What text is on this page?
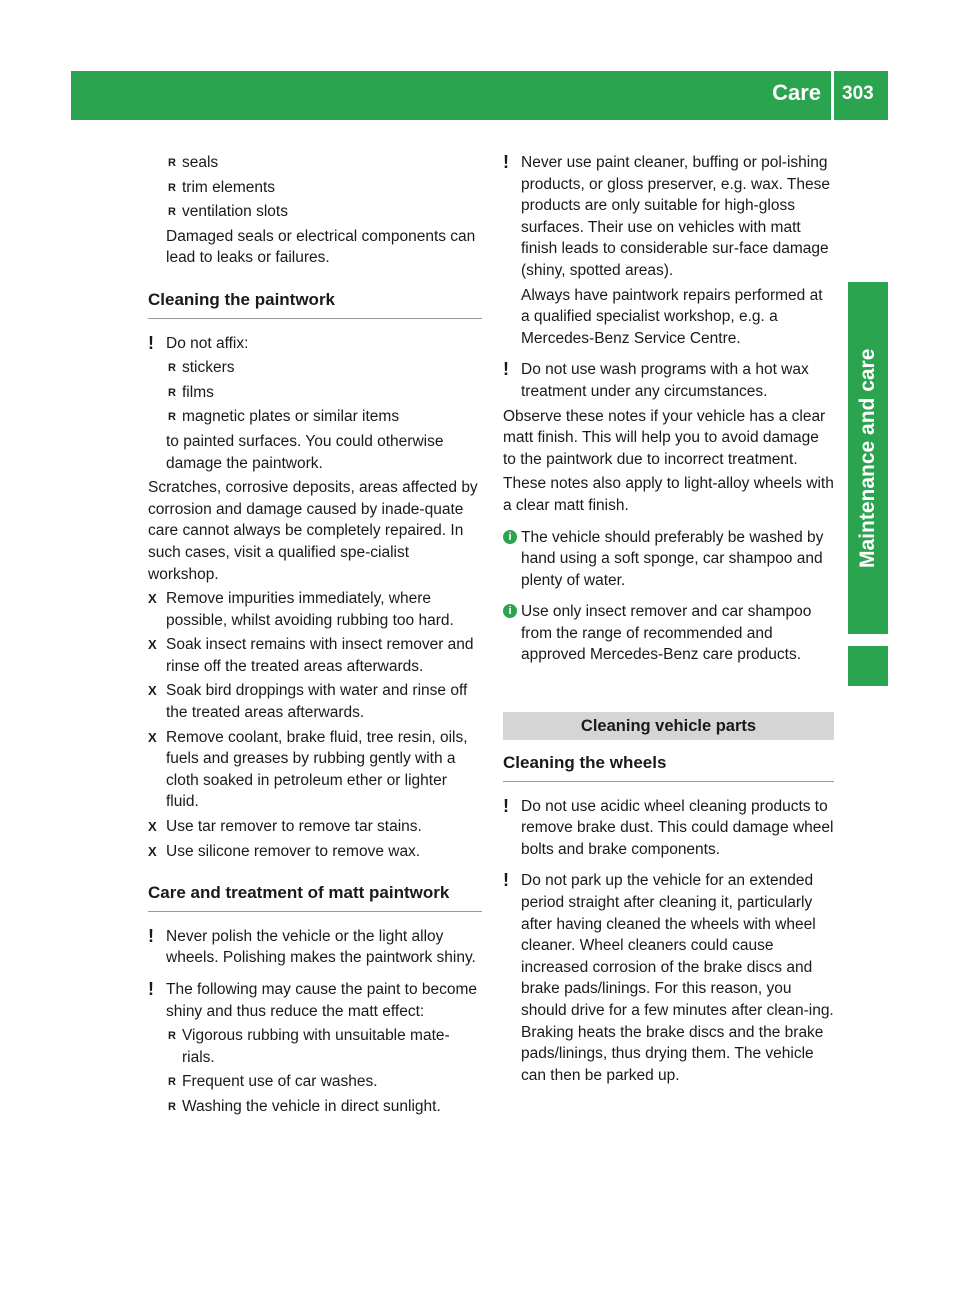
Care 303
Maintenance and care
R seals
R trim elements
R ventilation slots

Damaged seals or electrical components can lead to leaks or failures.

Cleaning the paintwork
! Do not affix:
R stickers
R films
R magnetic plates or similar items

to painted surfaces. You could otherwise damage the paintwork.

Scratches, corrosive deposits, areas affected by corrosion and damage caused by inade-quate care cannot always be completely repaired. In such cases, visit a qualified spe-cialist workshop.

X Remove impurities immediately, where possible, whilst avoiding rubbing too hard.
X Soak insect remains with insect remover and rinse off the treated areas afterwards.
X Soak bird droppings with water and rinse off the treated areas afterwards.
X Remove coolant, brake fluid, tree resin, oils, fuels and greases by rubbing gently with a cloth soaked in petroleum ether or lighter fluid.
X Use tar remover to remove tar stains.
X Use silicone remover to remove wax.
Care and treatment of matt paintwork
! Never polish the vehicle or the light alloy wheels. Polishing makes the paintwork shiny.
! The following may cause the paint to become shiny and thus reduce the matt effect:
R Vigorous rubbing with unsuitable mate-rials.
R Frequent use of car washes.
R Washing the vehicle in direct sunlight.
! Never use paint cleaner, buffing or pol-ishing products, or gloss preserver, e.g. wax. These products are only suitable for high-gloss surfaces. Their use on vehicles with matt finish leads to considerable sur-face damage (shiny, spotted areas).

Always have paintwork repairs performed at a qualified specialist workshop, e.g. a Mercedes-Benz Service Centre.

! Do not use wash programs with a hot wax treatment under any circumstances.

Observe these notes if your vehicle has a clear matt finish. This will help you to avoid damage to the paintwork due to incorrect treatment.

These notes also apply to light-alloy wheels with a clear matt finish.

i The vehicle should preferably be washed by hand using a soft sponge, car shampoo and plenty of water.
i Use only insect remover and car shampoo from the range of recommended and approved Mercedes-Benz care products.
Cleaning vehicle parts
Cleaning the wheels
! Do not use acidic wheel cleaning products to remove brake dust. This could damage wheel bolts and brake components.
! Do not park up the vehicle for an extended period straight after cleaning it, particularly after having cleaned the wheels with wheel cleaner. Wheel cleaners could cause increased corrosion of the brake discs and brake pads/linings. For this reason, you should drive for a few minutes after clean-ing. Braking heats the brake discs and the brake pads/linings, thus drying them. The vehicle can then be parked up.
